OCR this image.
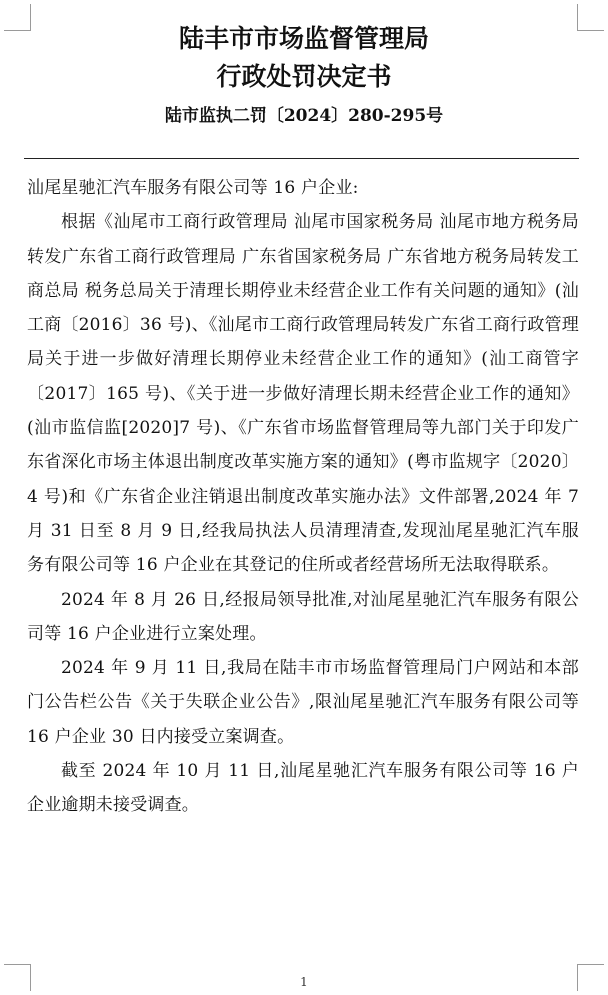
陆丰市市场监督管理局
行政处罚决定书
陆市监执二罚〔2024〕280-295号

汕尾星驰汇汽车服务有限公司等 16 户企业:

根据《汕尾市工商行政管理局 汕尾市国家税务局 汕尾市地方税务局转发广东省工商行政管理局 广东省国家税务局 广东省地方税务局转发工商总局 税务总局关于清理长期停业未经营企业工作有关问题的通知》(汕工商〔2016〕36 号)、《汕尾市工商行政管理局转发广东省工商行政管理局关于进一步做好清理长期停业未经营企业工作的通知》(汕工商管字〔2017〕165 号)、《关于进一步做好清理长期未经营企业工作的通知》(汕市监信监[2020]7 号)、《广东省市场监督管理局等九部门关于印发广东省深化市场主体退出制度改革实施方案的通知》(粤市监规字〔2020〕4 号)和《广东省企业注销退出制度改革实施办法》文件部署,2024 年 7 月 31 日至 8 月 9 日,经我局执法人员清理清查,发现汕尾星驰汇汽车服务有限公司等 16 户企业在其登记的住所或者经营场所无法取得联系。

2024 年 8 月 26 日,经报局领导批准,对汕尾星驰汇汽车服务有限公司等 16 户企业进行立案处理。

2024 年 9 月 11 日,我局在陆丰市市场监督管理局门户网站和本部门公告栏公告《关于失联企业公告》,限汕尾星驰汇汽车服务有限公司等 16 户企业 30 日内接受立案调查。

截至 2024 年 10 月 11 日,汕尾星驰汇汽车服务有限公司等 16 户企业逾期未接受调查。

1
